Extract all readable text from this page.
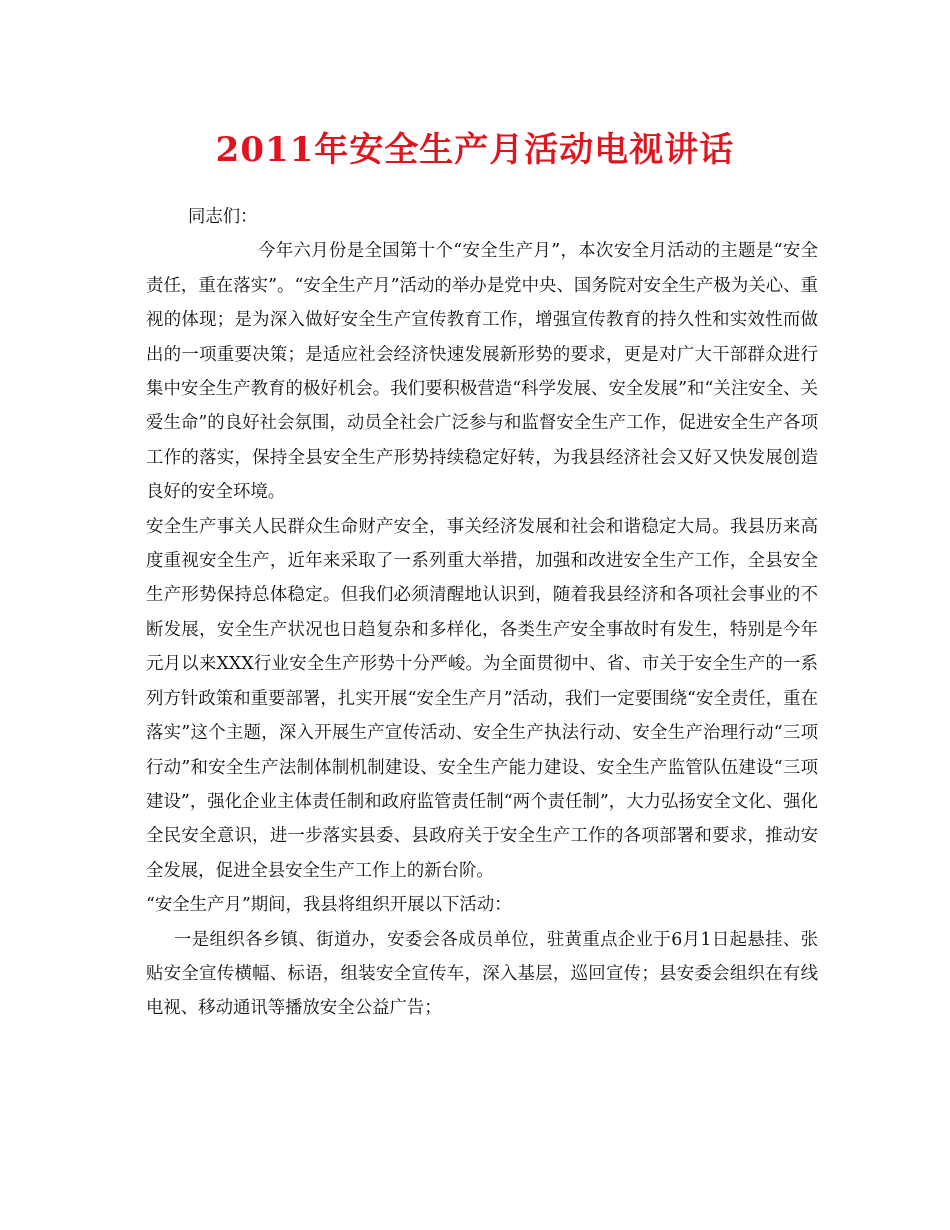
2011年安全生产月活动电视讲话

同志们：

今年六月份是全国第十个“安全生产月”，本次安全月活动的主题是“安全责任，重在落实”。“安全生产月”活动的举办是党中央、国务院对安全生产极为关心、重视的体现；是为深入做好安全生产宣传教育工作，增强宣传教育的持久性和实效性而做出的一项重要决策；是适应社会经济快速发展新形势的要求，更是对广大干部群众进行集中安全生产教育的极好机会。我们要积极营造“科学发展、安全发展”和“关注安全、关爱生命”的良好社会氛围，动员全社会广泛参与和监督安全生产工作，促进安全生产各项工作的落实，保持全县安全生产形势持续稳定好转，为我县经济社会又好又快发展创造良好的安全环境。

安全生产事关人民群众生命财产安全，事关经济发展和社会和谐稳定大局。我县历来高度重视安全生产，近年来采取了一系列重大举措，加强和改进安全生产工作，全县安全生产形势保持总体稳定。但我们必须清醒地认识到，随着我县经济和各项社会事业的不断发展，安全生产状况也日趋复杂和多样化，各类生产安全事故时有发生，特别是今年元月以来XXX行业安全生产形势十分严峻。为全面贯彻中、省、市关于安全生产的一系列方针政策和重要部署，扎实开展“安全生产月”活动，我们一定要围绕“安全责任，重在落实”这个主题，深入开展生产宣传活动、安全生产执法行动、安全生产治理行动“三项行动”和安全生产法制体制机制建设、安全生产能力建设、安全生产监管队伍建设“三项建设”，强化企业主体责任制和政府监管责任制“两个责任制”，大力弘扬安全文化、强化全民安全意识，进一步落实县委、县政府关于安全生产工作的各项部署和要求，推动安全发展，促进全县安全生产工作上的新台阶。

“安全生产月”期间，我县将组织开展以下活动：

一是组织各乡镇、街道办，安委会各成员单位，驻黄重点企业于6月1日起悬挂、张贴安全宣传横幅、标语，组装安全宣传车，深入基层，巡回宣传；县安委会组织在有线电视、移动通讯等播放安全公益广告；
